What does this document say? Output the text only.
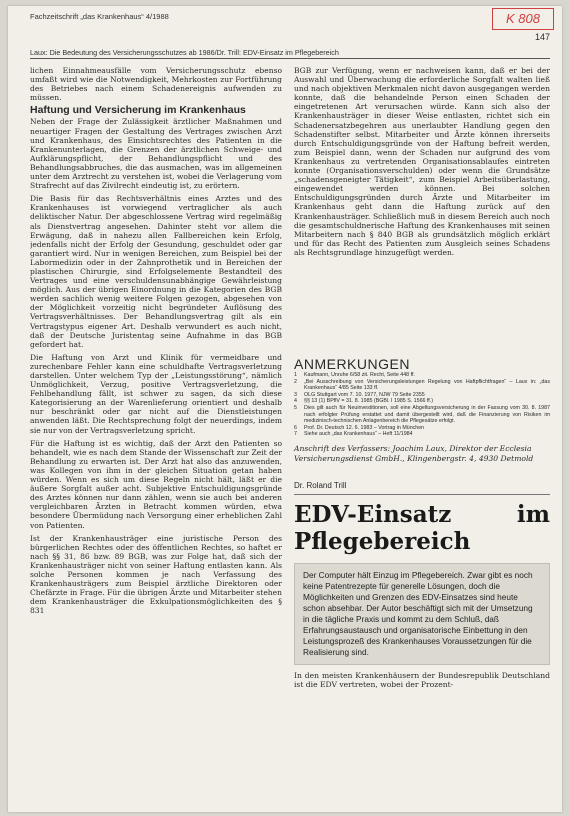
Fachzeitschrift „das Krankenhaus“ 4/1988	K 808
147
Laux: Die Bedeutung des Versicherungsschutzes ab 1986/Dr. Trill: EDV-Einsatz im Pflegebereich

lichen Einnahmeausfälle vom Versicherungsschutz ebenso umfaßt wird wie die Notwendigkeit, Mehrkosten zur Fortführung des Betriebes nach einem Schadenereignis aufwenden zu müssen.

Haftung und Versicherung im Krankenhaus

Neben der Frage der Zulässigkeit ärztlicher Maßnahmen und neuartiger Fragen der Gestaltung des Vertrages zwischen Arzt und Krankenhaus, des Einsichtsrechtes des Patienten in die Krankenunterlagen, die Grenzen der ärztlichen Schweige- und Aufklärungspflicht, der Behandlungspflicht und des Behandlungsabbruches, die das ausmachen, was im allgemeinen unter dem Arztrecht zu verstehen ist, wobei die Verlagerung vom Strafrecht auf das Zivilrecht eindeutig ist, zu erörtern.

Die Basis für das Rechtsverhältnis eines Arztes und des Krankenhauses ist vorwiegend vertraglicher als auch deliktischer Natur. Der abgeschlossene Vertrag wird regelmäßig als Dienstvertrag angesehen. Dahinter steht vor allem die Erwägung, daß in nahezu allen Fallbereichen kein Erfolg, jedenfalls nicht der Erfolg der Gesundung, geschuldet oder gar garantiert wird. Nur in wenigen Bereichen, zum Beispiel bei der Labormedizin oder in der Zahnprothetik und in Bereichen der plastischen Chirurgie, sind Erfolgselemente Bestandteil des Vertrages und eine verschuldensunabhängige Gewährleistung möglich. Aus der übrigen Einordnung in die Kategorien des BGB werden sachlich wenig weitere Folgen gezogen, abgesehen von der Möglichkeit vorzeitig nicht begründeter Auflösung des Vertragsverhältnisses. Der Behandlungsvertrag gilt als ein Vertragstypus eigener Art. Deshalb verwundert es auch nicht, daß der Deutsche Juristentag seine Aufnahme in das BGB gefordert hat.

Die Haftung von Arzt und Klinik für vermeidbare und zurechenbare Fehler kann eine schuldhafte Vertragsverletzung darstellen. Unter welchem Typ der „Leistungsstörung“, nämlich Unmöglichkeit, Verzug, positive Vertragsverletzung, die Fehlbehandlung fällt, ist schwer zu sagen, da sich diese Kategorisierung an der Warenlieferung orientiert und deshalb nur beschränkt oder gar nicht auf die Dienstleistungen anwenden läßt. Die Rechtsprechung folgt der neuerdings, indem sie nur von der Vertragsverletzung spricht.

Für die Haftung ist es wichtig, daß der Arzt den Patienten so behandelt, wie es nach dem Stande der Wissenschaft zur Zeit der Behandlung zu erwarten ist. Der Arzt hat also das anzuwenden, was Kollegen von ihm in der gleichen Situation getan haben würden. Wenn es sich um diese Regeln nicht hält, läßt er die äußere Sorgfalt außer acht. Subjektive Entschuldigungsgründe des Arztes können nur dann zählen, wenn sie auch bei anderen vergleichbaren Ärzten in Betracht kommen würden, etwa besondere Übermüdung nach Versorgung einer erheblichen Zahl von Patienten.

Ist der Krankenhausträger eine juristische Person des bürgerlichen Rechtes oder des öffentlichen Rechtes, so haftet er nach §§ 31, 86 bzw. 89 BGB, was zur Folge hat, daß sich der Krankenhausträger nicht von seiner Haftung entlasten kann. Als solche Personen kommen je nach Verfassung des Krankenhausträgers zum Beispiel ärztliche Direktoren oder Chefärzte in Frage. Für die übrigen Ärzte und Mitarbeiter stehen dem Krankenhausträger die Exkulpationsmöglichkeiten des § 831

BGB zur Verfügung, wenn er nachweisen kann, daß er bei der Auswahl und Überwachung die erforderliche Sorgfalt walten ließ und nach objektiven Merkmalen nicht davon ausgegangen werden konnte, daß die behandelnde Person einen Schaden der eingetretenen Art verursachen würde. Kann sich also der Krankenhausträger in dieser Weise entlasten, richtet sich ein Schadenersatzbegehren aus unerlaubter Handlung gegen den Schadenstifter selbst. Mitarbeiter und Ärzte können ihrerseits durch Entschuldigungsgründe von der Haftung befreit werden, zum Beispiel dann, wenn der Schaden nur aufgrund des vom Krankenhaus zu vertretenden Organisationsablaufes eintreten konnte (Organisationsverschulden) oder wenn die Grundsätze „schadensgeneigter Tätigkeit“, zum Beispiel Arbeitsüberlastung, eingewendet werden können. Bei solchen Entschuldigungsgründen durch Ärzte und Mitarbeiter im Krankenhaus geht dann die Haftung zurück auf den Krankenhausträger. Schließlich muß in diesem Bereich auch noch die gesamtschuldnerische Haftung des Krankenhauses mit seinen Mitarbeitern nach § 840 BGB als grundsätzlich möglich erklärt und für das Recht des Patienten zum Ausgleich seines Schadens als Rechtsgrundlage hinzugefügt werden.

ANMERKUNGEN
1	Kaufmann, Unruhe 6/58 zit. Recht, Seite 448 ff.
2	„Bei Ausschreibung von Versicherungsleistungen Regelung von Haftpflichtfragen“ – Laux in: „das Krankenhaus“ 4/85 Seite 133 ff.
3	OLG Stuttgart vom 7. 10. 1977, NJW 79 Seite 2355
4	§§ 13 (1) BPflV = 31. 8. 1985 (BGBl. I 1985 S. 1566 ff.)
5	Dies gilt auch für Neuinvestitionen, soll eine Abgeltungsversicherung in der Fassung vom 30. 8. 1987 nach erfolgter Prüfung erstattet und damit übergestellt wird, daß die Finanzierung von Risiken im medizinisch-technischen Anlagenbereich die Pflegesätze erfolgt.
6	Prof. Dr. Deutsch 12. 6. 1983 – Vortrag in München
7	Siehe auch „das Krankenhaus“ – Heft 11/1984
Anschrift des Verfassers: Joachim Laux, Direktor der Ecclesia Versicherungsdienst GmbH., Klingenbergstr. 4, 4930 Detmold
Dr. Roland Trill
EDV-Einsatz im Pflegebereich
Der Computer hält Einzug im Pflegebereich. Zwar gibt es noch keine Patentrezepte für generelle Lösungen, doch die Möglichkeiten und Grenzen des EDV-Einsatzes sind heute schon absehbar. Der Autor beschäftigt sich mit der Umsetzung in die tägliche Praxis und kommt zu dem Schluß, daß Erfahrungsaustausch und organisatorische Einbettung in den Leistungsprozeß des Krankenhauses Voraussetzungen für die Realisierung sind.
In den meisten Krankenhäusern der Bundesrepublik Deutschland ist die EDV vertreten, wobei der Prozent-
